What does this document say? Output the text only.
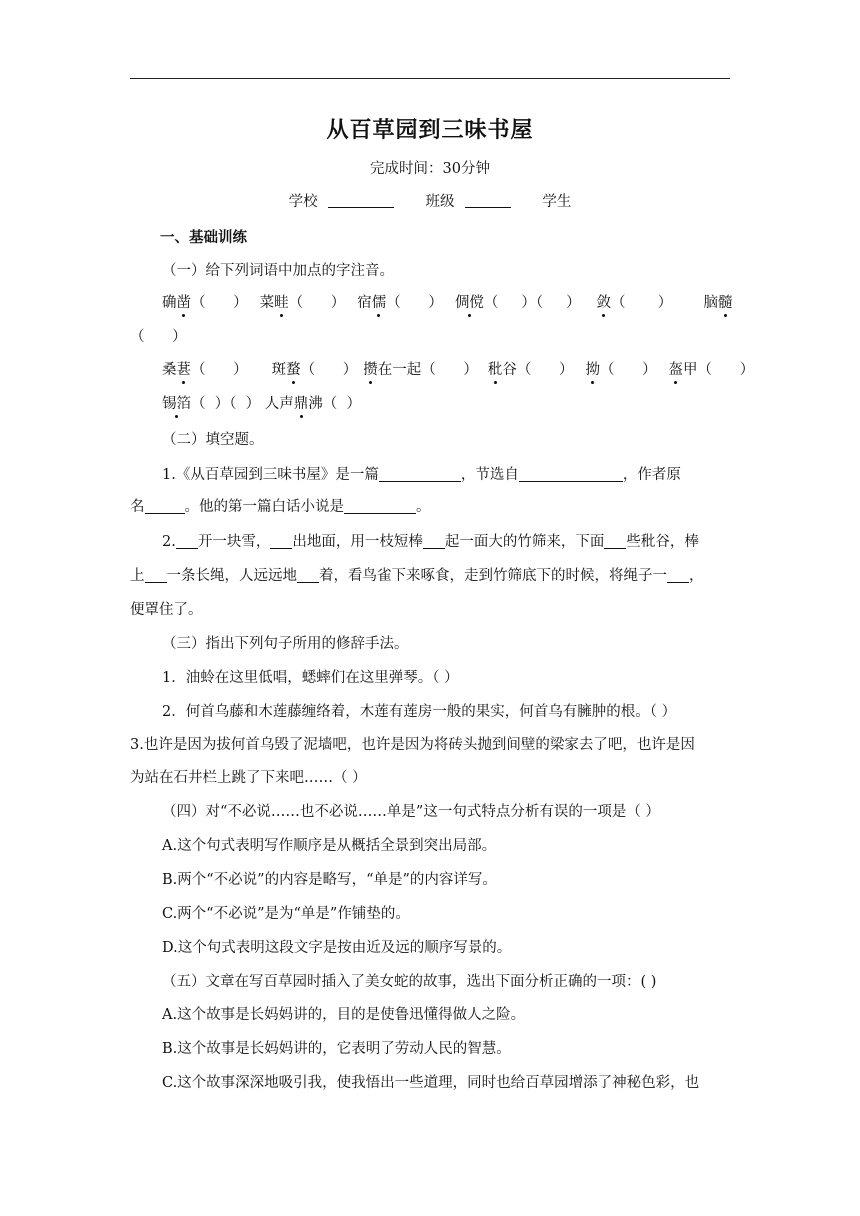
从百草园到三味书屋
完成时间：30分钟
学校	班级	学生
一、基础训练
（一）给下列词语中加点的字注音。
确凿（      ） 菜畦（      ） 宿儒（      ） 倜傥（     ）（     ） 敛（       ） 脑髓
（      ）
桑葚（      ） 斑蝥（      ） 攒在一起（      ） 秕谷（      ） 拗（      ） 盔甲（      ）
锡箔（  ）（  ） 人声鼎沸（  ）
（二）填空题。
1.《从百草园到三味书屋》是一篇	，节选自	，作者原
名	。他的第一篇白话小说是	。
2. 开一块雪， 出地面，用一枝短棒 起一面大的竹筛来，下面 些秕谷，棒
上 一条长绳，人远远地 着，看鸟雀下来啄食，走到竹筛底下的时候，将绳子一 ，
便罩住了。
（三）指出下列句子所用的修辞手法。
1．油蛉在这里低唱，蟋蟀们在这里弹琴。（ ）
2．何首乌藤和木莲藤缠络着，木莲有莲房一般的果实，何首乌有臃肿的根。（ ）
3.也许是因为拔何首乌毁了泥墙吧，也许是因为将砖头抛到间壁的梁家去了吧，也许是因
为站在石井栏上跳了下来吧……（ ）
（四）对“不必说……也不必说……单是”这一句式特点分析有误的一项是（ ）
A.这个句式表明写作顺序是从概括全景到突出局部。
B.两个“不必说”的内容是略写，“单是”的内容详写。
C.两个“不必说”是为“单是”作铺垫的。
D.这个句式表明这段文字是按由近及远的顺序写景的。
（五）文章在写百草园时插入了美女蛇的故事，选出下面分析正确的一项：( )
A.这个故事是长妈妈讲的，目的是使鲁迅懂得做人之险。
B.这个故事是长妈妈讲的，它表明了劳动人民的智慧。
C.这个故事深深地吸引我，使我悟出一些道理，同时也给百草园增添了神秘色彩，也
